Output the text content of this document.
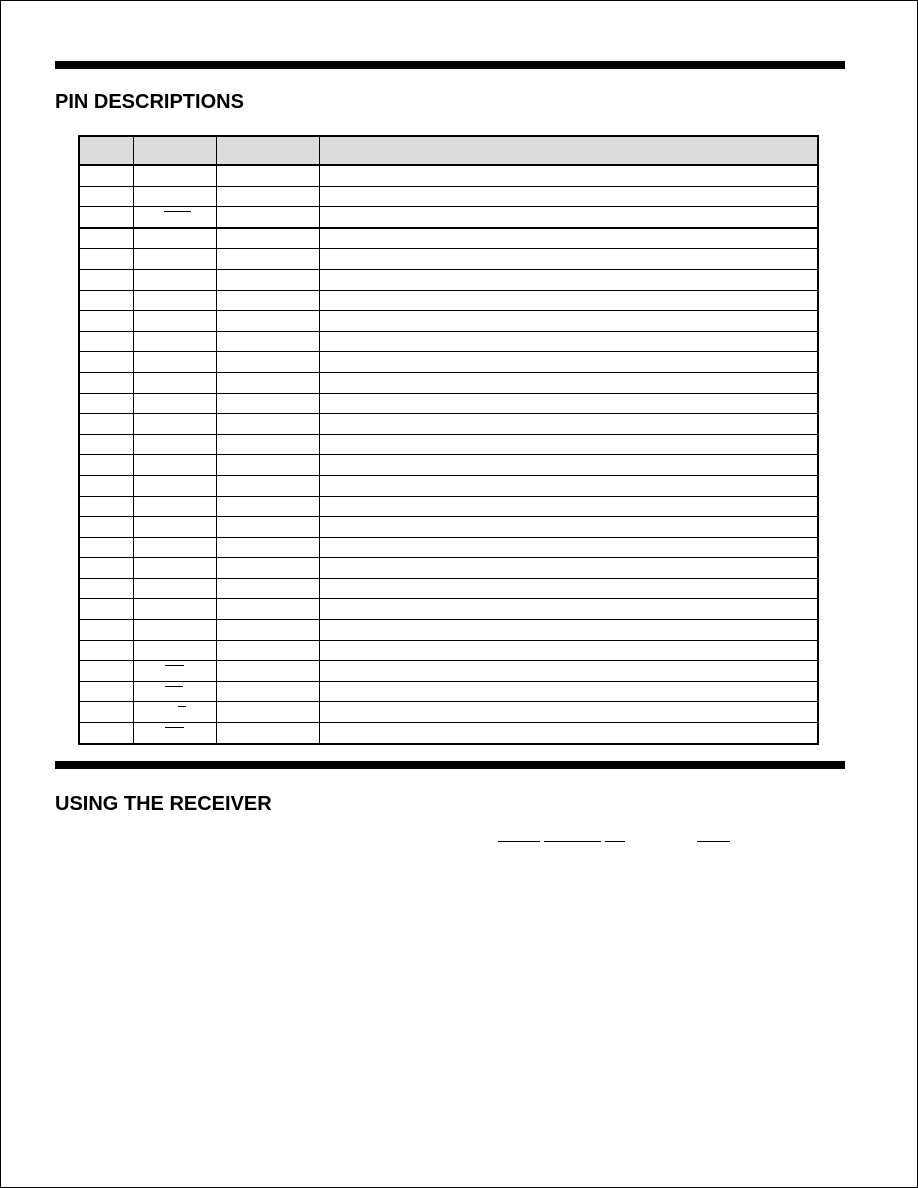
PIN DESCRIPTIONS

USING THE RECEIVER
